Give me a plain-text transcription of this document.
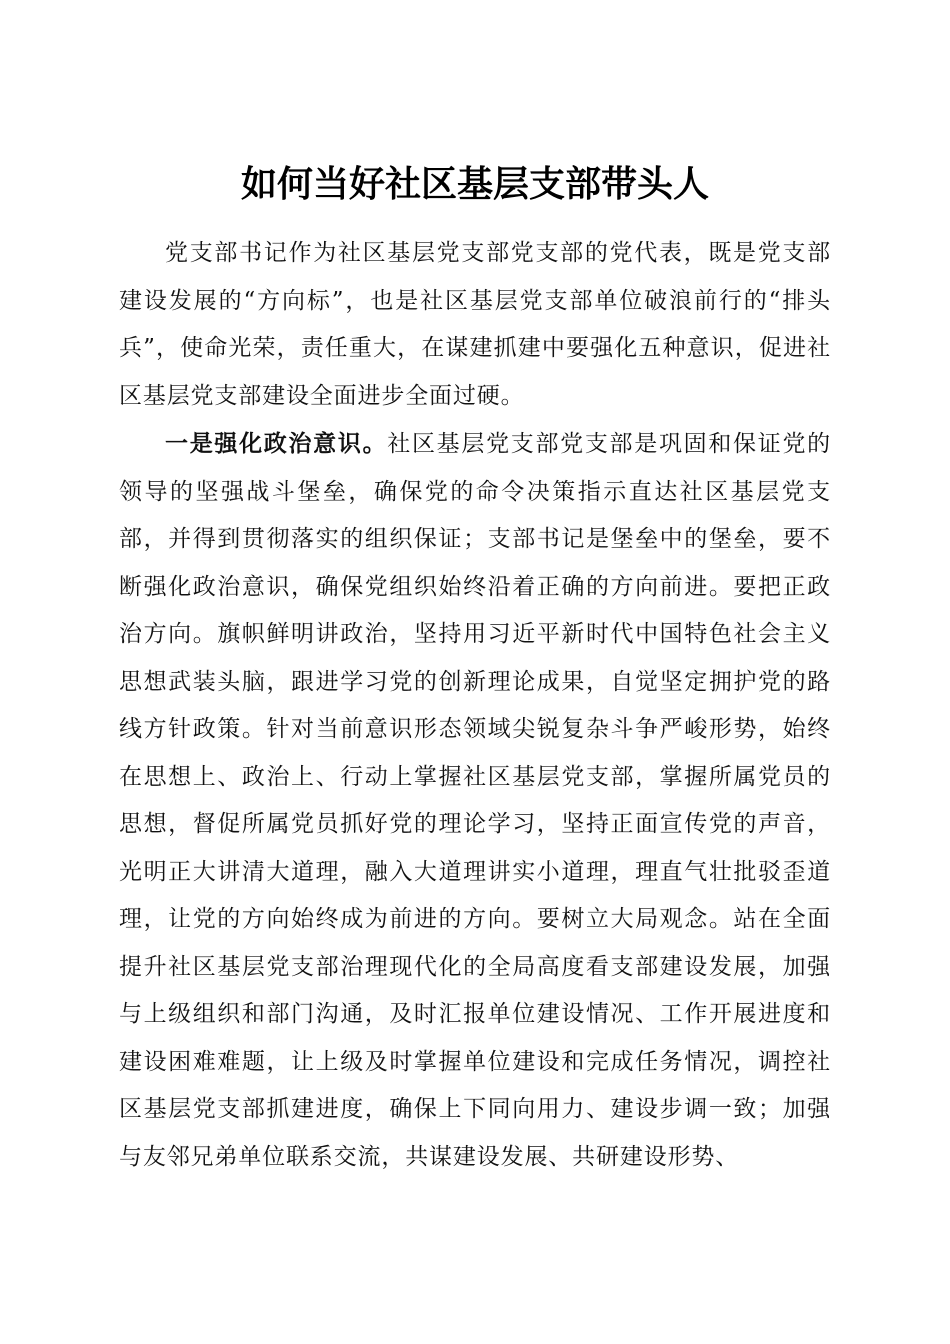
如何当好社区基层支部带头人

党支部书记作为社区基层党支部党支部的党代表，既是党支部建设发展的“方向标”，也是社区基层党支部单位破浪前行的“排头兵”，使命光荣，责任重大，在谋建抓建中要强化五种意识，促进社区基层党支部建设全面进步全面过硬。

一是强化政治意识。社区基层党支部党支部是巩固和保证党的领导的坚强战斗堡垒，确保党的命令决策指示直达社区基层党支部，并得到贯彻落实的组织保证；支部书记是堡垒中的堡垒，要不断强化政治意识，确保党组织始终沿着正确的方向前进。要把正政治方向。旗帜鲜明讲政治，坚持用习近平新时代中国特色社会主义思想武装头脑，跟进学习党的创新理论成果，自觉坚定拥护党的路线方针政策。针对当前意识形态领域尖锐复杂斗争严峻形势，始终在思想上、政治上、行动上掌握社区基层党支部，掌握所属党员的思想，督促所属党员抓好党的理论学习，坚持正面宣传党的声音，光明正大讲清大道理，融入大道理讲实小道理，理直气壮批驳歪道理，让党的方向始终成为前进的方向。要树立大局观念。站在全面提升社区基层党支部治理现代化的全局高度看支部建设发展，加强与上级组织和部门沟通，及时汇报单位建设情况、工作开展进度和建设困难难题，让上级及时掌握单位建设和完成任务情况，调控社区基层党支部抓建进度，确保上下同向用力、建设步调一致；加强与友邻兄弟单位联系交流，共谋建设发展、共研建设形势、
